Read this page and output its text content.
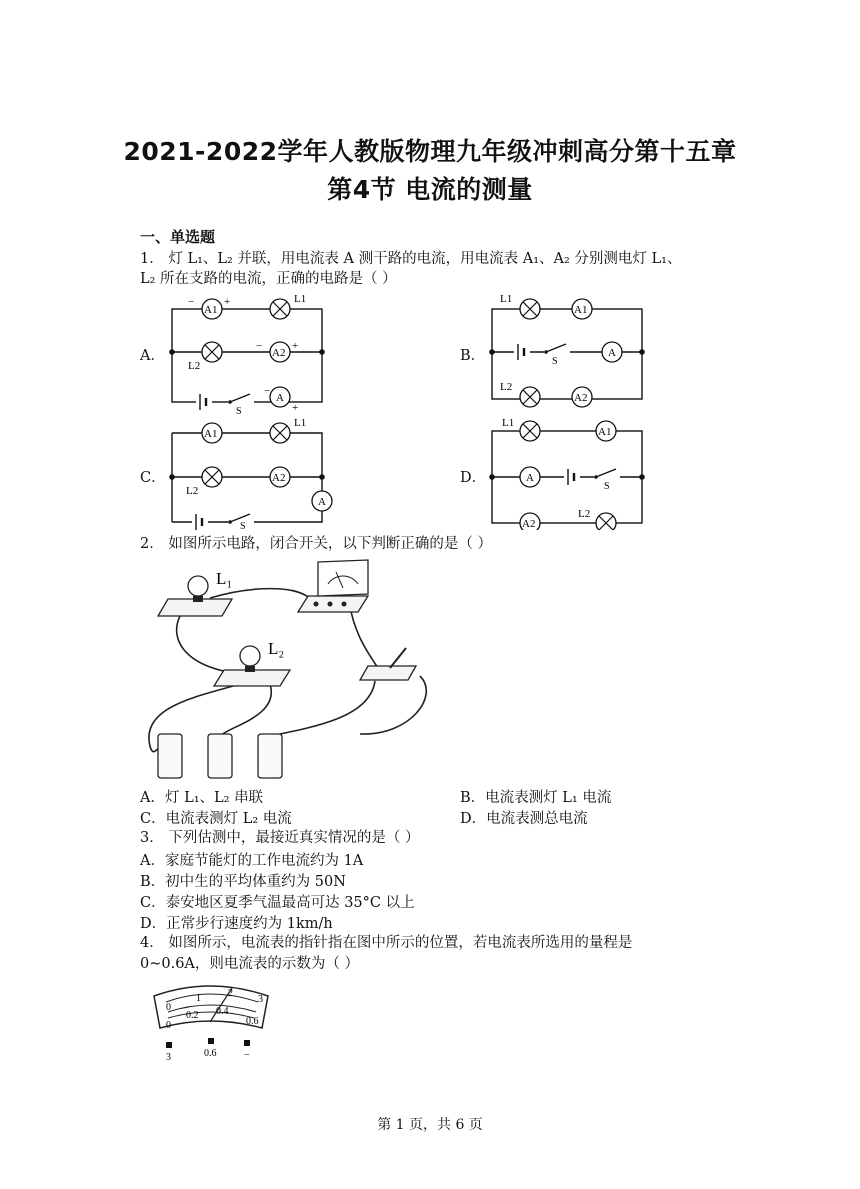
2021-2022学年人教版物理九年级冲刺高分第十五章
第4节 电流的测量
一、单选题
1． 灯 L₁、L₂ 并联，用电流表 A 测干路的电流，用电流表 A₁、A₂ 分别测电灯 L₁、
L₂ 所在支路的电流，正确的电路是（ ）
A．	B．
C．	D．
A1
A2
A
L1
L2
S
−	+
−	+
−
+
A1
A
A2
L1
L2
S
A1
A2
A
L1
L2
S
A1
A
A2
L1
L2
S
2． 如图所示电路，闭合开关，以下判断正确的是（ ）
L₁
L₂
A．灯 L₁、L₂ 串联	B．电流表测灯 L₁ 电流
C．电流表测灯 L₂ 电流	D．电流表测总电流
3． 下列估测中，最接近真实情况的是（ ）
A．家庭节能灯的工作电流约为 1A
B．初中生的平均体重约为 50N
C．泰安地区夏季气温最高可达 35°C 以上
D．正常步行速度约为 1km/h
4． 如图所示，电流表的指针指在图中所示的位置，若电流表所选用的量程是
0~0.6A，则电流表的示数为（ ）
0
1	2
3
0
0.2 0.4
0.6
3	0.6	−
第 1 页，共 6 页
